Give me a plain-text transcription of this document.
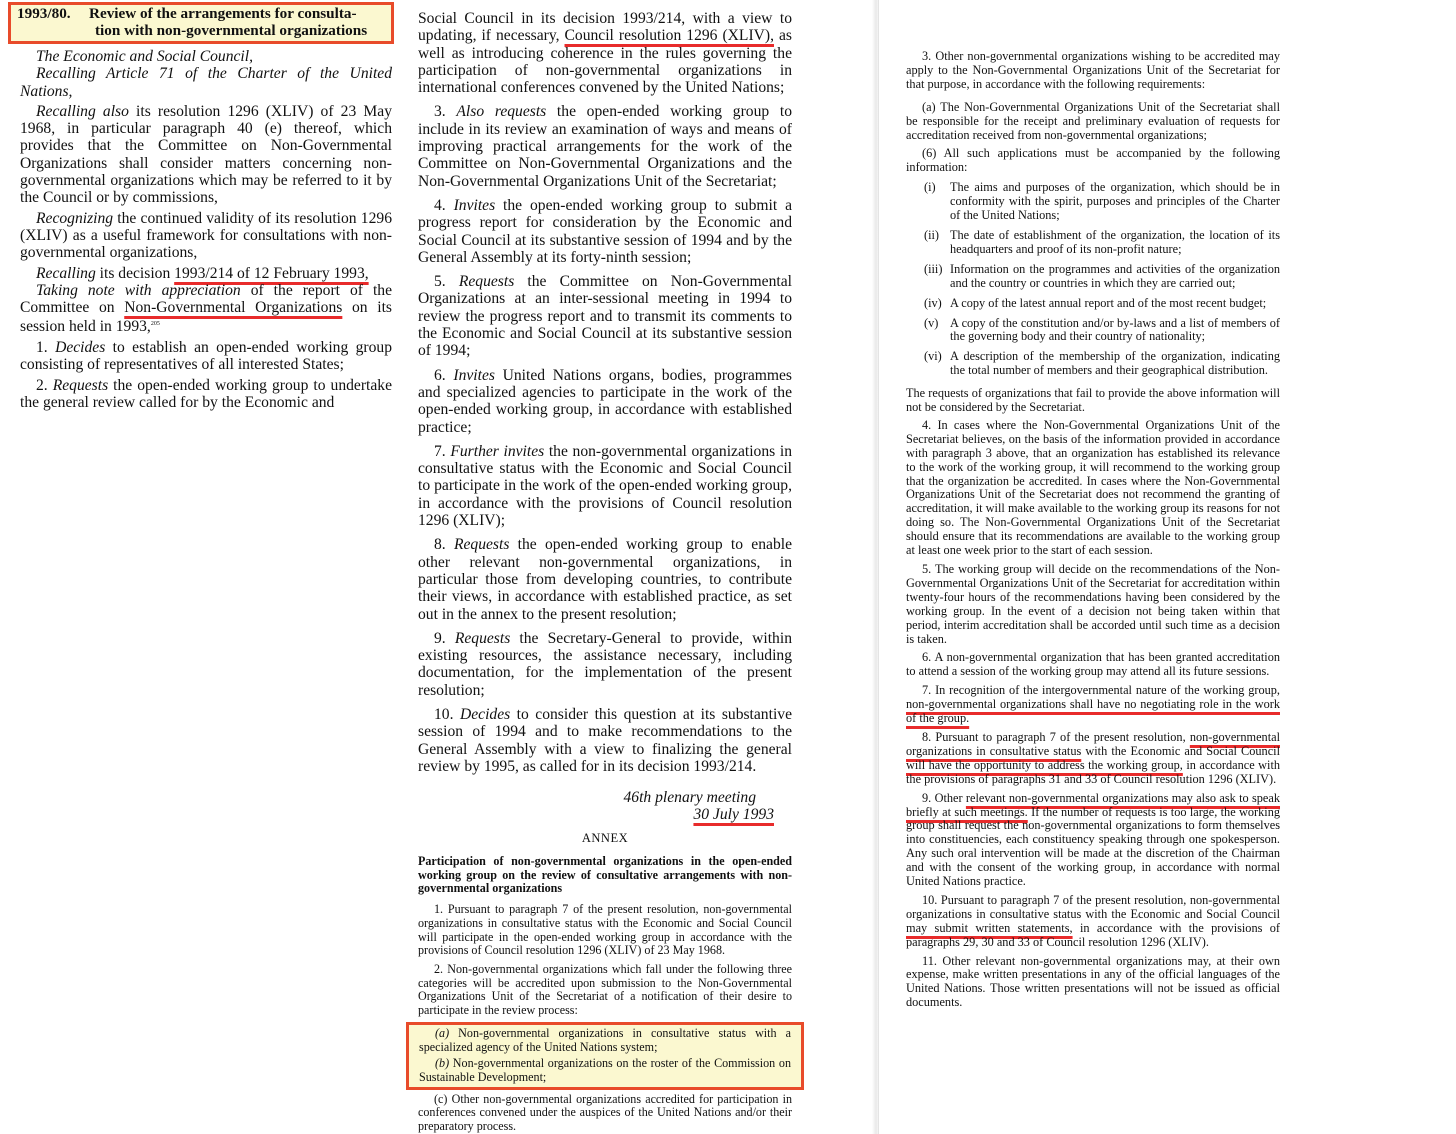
1993/80. Review of the arrangements for consulta-
tion with non-governmental organizations

The Economic and Social Council,

Recalling Article 71 of the Charter of the United Nations,

Recalling also its resolution 1296 (XLIV) of 23 May 1968, in particular paragraph 40 (e) thereof, which provides that the Committee on Non-Governmental Organizations shall consider matters concerning non-governmental organizations which may be referred to it by the Council or by commissions,

Recognizing the continued validity of its resolution 1296 (XLIV) as a useful framework for consultations with non-governmental organizations,

Recalling its decision 1993/214 of 12 February 1993,

Taking note with appreciation of the report of the Committee on Non-Governmental Organizations on its session held in 1993,$^{205}$

1. Decides to establish an open-ended working group consisting of representatives of all interested States;

2. Requests the open-ended working group to undertake the general review called for by the Economic and

Social Council in its decision 1993/214, with a view to updating, if necessary, Council resolution 1296 (XLIV), as well as introducing coherence in the rules governing the participation of non-governmental organizations in international conferences convened by the United Nations;

3. Also requests the open-ended working group to include in its review an examination of ways and means of improving practical arrangements for the work of the Committee on Non-Governmental Organizations and the Non-Governmental Organizations Unit of the Secretariat;

4. Invites the open-ended working group to submit a progress report for consideration by the Economic and Social Council at its substantive session of 1994 and by the General Assembly at its forty-ninth session;

5. Requests the Committee on Non-Governmental Organizations at an inter-sessional meeting in 1994 to review the progress report and to transmit its comments to the Economic and Social Council at its substantive session of 1994;

6. Invites United Nations organs, bodies, programmes and specialized agencies to participate in the work of the open-ended working group, in accordance with established practice;

7. Further invites the non-governmental organizations in consultative status with the Economic and Social Council to participate in the work of the open-ended working group, in accordance with the provisions of Council resolution 1296 (XLIV);

8. Requests the open-ended working group to enable other relevant non-governmental organizations, in particular those from developing countries, to contribute their views, in accordance with established practice, as set out in the annex to the present resolution;

9. Requests the Secretary-General to provide, within existing resources, the assistance necessary, including documentation, for the implementation of the present resolution;

10. Decides to consider this question at its substantive session of 1994 and to make recommendations to the General Assembly with a view to finalizing the general review by 1995, as called for in its decision 1993/214.

46th plenary meeting

30 July 1993

ANNEX

Participation of non-governmental organizations in the open-ended working group on the review of consultative arrangements with non-governmental organizations

1. Pursuant to paragraph 7 of the present resolution, non-governmental organizations in consultative status with the Economic and Social Council will participate in the open-ended working group in accordance with the provisions of Council resolution 1296 (XLIV) of 23 May 1968.

2. Non-governmental organizations which fall under the following three categories will be accredited upon submission to the Non-Governmental Organizations Unit of the Secretariat of a notification of their desire to participate in the review process:

(a) Non-governmental organizations in consultative status with a specialized agency of the United Nations system;

(b) Non-governmental organizations on the roster of the Commission on Sustainable Development;

(c) Other non-governmental organizations accredited for participation in conferences convened under the auspices of the United Nations and/or their preparatory process.

3. Other non-governmental organizations wishing to be accredited may apply to the Non-Governmental Organizations Unit of the Secretariat for that purpose, in accordance with the following requirements:

(a) The Non-Governmental Organizations Unit of the Secretariat shall be responsible for the receipt and preliminary evaluation of requests for accreditation received from non-governmental organizations;

(6) All such applications must be accompanied by the following information:

(i) The aims and purposes of the organization, which should be in conformity with the spirit, purposes and principles of the Charter of the United Nations;

(ii) The date of establishment of the organization, the location of its headquarters and proof of its non-profit nature;

(iii) Information on the programmes and activities of the organization and the country or countries in which they are carried out;

(iv) A copy of the latest annual report and of the most recent budget;

(v) A copy of the constitution and/or by-laws and a list of members of the governing body and their country of nationality;

(vi) A description of the membership of the organization, indicating the total number of members and their geographical distribution.

The requests of organizations that fail to provide the above information will not be considered by the Secretariat.

4. In cases where the Non-Governmental Organizations Unit of the Secretariat believes, on the basis of the information provided in accordance with paragraph 3 above, that an organization has established its relevance to the work of the working group, it will recommend to the working group that the organization be accredited. In cases where the Non-Governmental Organizations Unit of the Secretariat does not recommend the granting of accreditation, it will make available to the working group its reasons for not doing so. The Non-Governmental Organizations Unit of the Secretariat should ensure that its recommendations are available to the working group at least one week prior to the start of each session.

5. The working group will decide on the recommendations of the Non-Governmental Organizations Unit of the Secretariat for accreditation within twenty-four hours of the recommendations having been considered by the working group. In the event of a decision not being taken within that period, interim accreditation shall be accorded until such time as a decision is taken.

6. A non-governmental organization that has been granted accreditation to attend a session of the working group may attend all its future sessions.

7. In recognition of the intergovernmental nature of the working group, non-governmental organizations shall have no negotiating role in the work of the group.

8. Pursuant to paragraph 7 of the present resolution, non-governmental organizations in consultative status with the Economic and Social Council will have the opportunity to address the working group, in accordance with the provisions of paragraphs 31 and 33 of Council resolution 1296 (XLIV).

9. Other relevant non-governmental organizations may also ask to speak briefly at such meetings. If the number of requests is too large, the working group shall request the non-governmental organizations to form themselves into constituencies, each constituency speaking through one spokesperson. Any such oral intervention will be made at the discretion of the Chairman and with the consent of the working group, in accordance with normal United Nations practice.

10. Pursuant to paragraph 7 of the present resolution, non-governmental organizations in consultative status with the Economic and Social Council may submit written statements, in accordance with the provisions of paragraphs 29, 30 and 33 of Council resolution 1296 (XLIV).

11. Other relevant non-governmental organizations may, at their own expense, make written presentations in any of the official languages of the United Nations. Those written presentations will not be issued as official documents.
